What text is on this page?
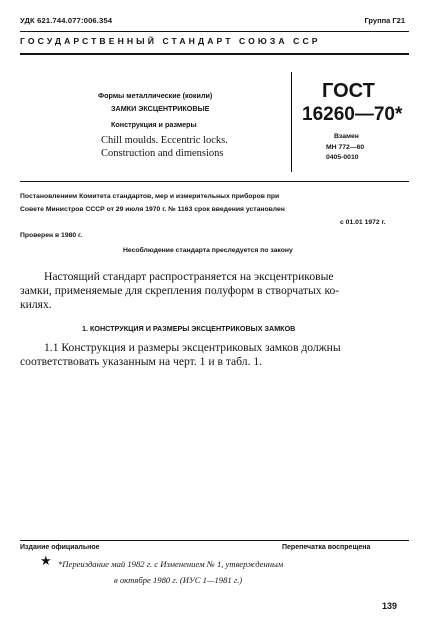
УДК 621.744.077:006.354	Группа Г21
ГОСУДАРСТВЕННЫЙ СТАНДАРТ СОЮЗА ССР
Формы металлические (кокили)
ЗАМКИ ЭКСЦЕНТРИКОВЫЕ
Конструкция и размеры
Chill moulds. Eccentric locks.
Construction and dimensions
ГОСТ
16260—70*
Взамен
МН 772—60
0405-0010
Постановлением Комитета стандартов, мер и измерительных приборов при
Совете Министров СССР от 29 июля 1970 г. № 1163 срок введения установлен
с 01.01 1972 г.
Проверен в 1980 г.
Несоблюдение стандарта преследуется по закону
Настоящий стандарт распространяется на эксцентриковые
замки, применяемые для скрепления полуформ в створчатых ко-
килях.
1. КОНСТРУКЦИЯ И РАЗМЕРЫ ЭКСЦЕНТРИКОВЫХ ЗАМКОВ
1.1 Конструкция и размеры эксцентриковых замков должны
соответствовать указанным на черт. 1 и в табл. 1.
Издание официальное	Перепечатка воспрещена
★ *Переиздание май 1982 г. с Изменением № 1, утвержденным
в октябре 1980 г. (ИУС 1—1981 г.)
139
